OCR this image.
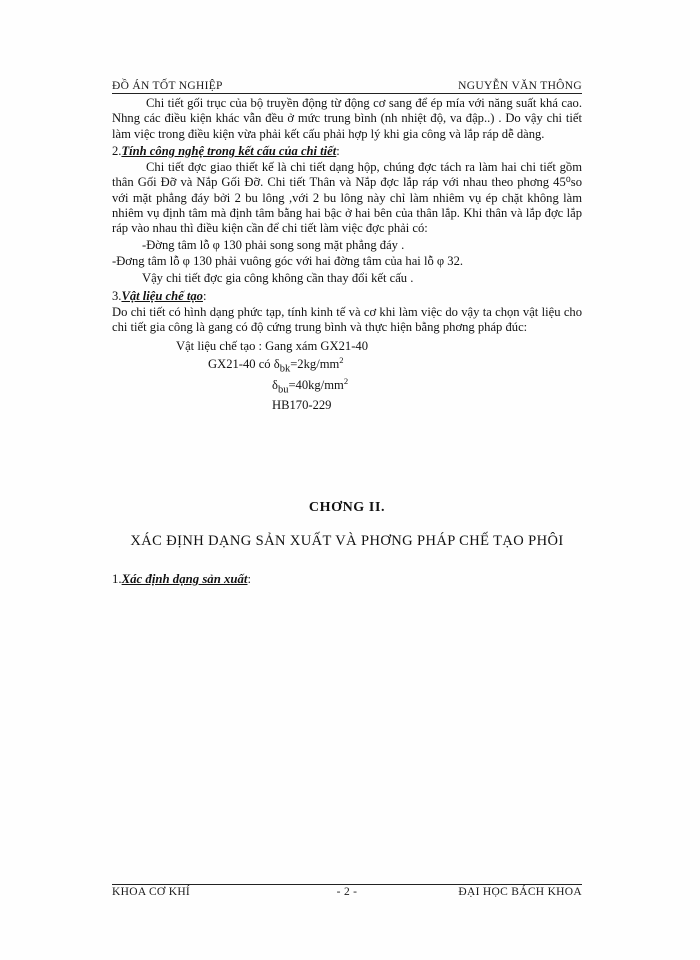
ĐỒ ÁN TỐT NGHIỆP	NGUYỄN VĂN THÔNG

Chi tiết gối trục của bộ truyền động từ động cơ sang để ép mía với năng suất khá cao. Nhng các điều kiện khác vẫn đều ở mức trung bình (nh nhiệt độ, va đập..) . Do vậy chi tiết làm việc trong điều kiện vừa phải kết cấu phải hợp lý khi gia công và lắp ráp dễ dàng.

2.Tính công nghệ trong kết cấu của chi tiết:

Chi tiết đợc giao thiết kế là chi tiết dạng hộp, chúng đợc tách ra làm hai chi tiết gồm thân Gối Đỡ và Nắp Gối Đỡ. Chi tiết Thân và Nắp đợc lắp ráp với nhau theo phơng 45⁰so với mặt phẳng đáy bởi 2 bu lông ,với 2 bu lông này chỉ làm nhiêm vụ ép chặt không làm nhiêm vụ định tâm mà định tâm bằng hai bậc ở hai bên của thân lắp. Khi thân và lắp đợc lắp ráp vào nhau thì điều kiện cần để chi tiết làm việc đợc phải có:

-Đờng tâm lỗ φ 130 phải song song mặt phẳng đáy .

-Đơng tâm lỗ φ 130 phải vuông góc với hai đờng tâm của hai lỗ φ 32.

Vậy chi tiết đợc gia công không cần thay đổi kết cấu .

3.Vật liệu chế tạo:

Do chi tiết có hình dạng phức tạp, tính kinh tế và cơ khi làm việc do vậy ta chọn vật liệu cho chi tiết gia công là gang có độ cứng trung bình và thực hiện bằng phơng pháp đúc:

Vật liệu chế tạo : Gang xám GX21-40

GX21-40 có $\delta_{bk}=2kg/mm^2$

$\delta_{bu}=40kg/mm^2$

HB170-229

CHƠNG II.
XÁC ĐỊNH DẠNG SẢN XUẤT VÀ PHƠNG PHÁP CHẾ TẠO PHÔI
1.Xác định dạng sản xuất:
KHOA CƠ KHÍ	- 2 -	ĐẠI HỌC BÁCH KHOA
